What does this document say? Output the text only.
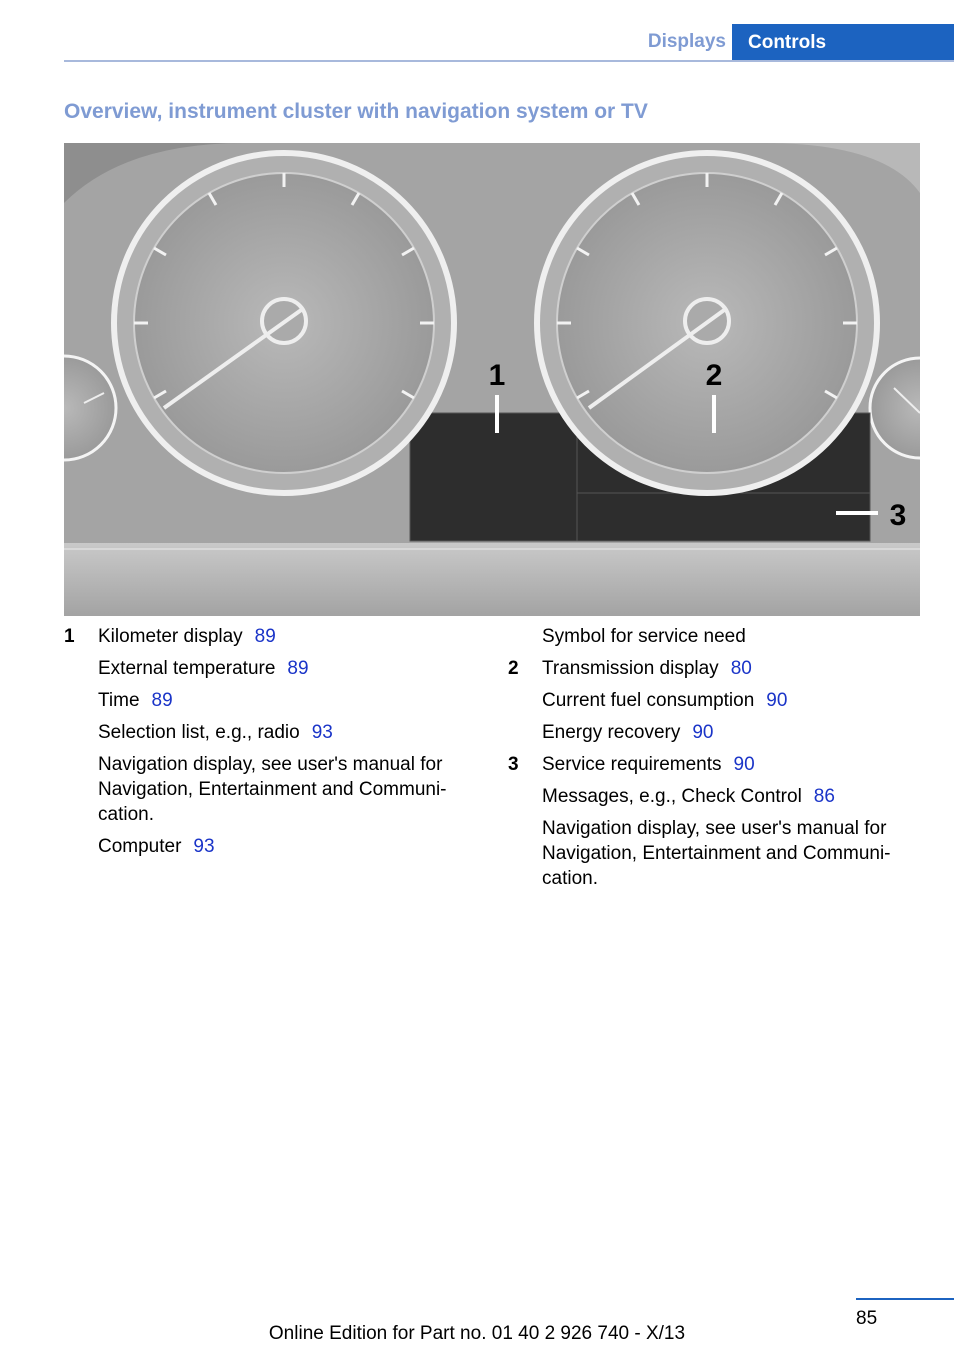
Displays	Controls
Overview, instrument cluster with navigation system or TV
1	2
3
1	Kilometer display 89
External temperature 89
Time 89
Selection list, e.g., radio 93
Navigation display, see user's manual for Navigation, Entertainment and Communi-cation.
Computer 93
Symbol for service need
2	Transmission display 80
Current fuel consumption 90
Energy recovery 90
3	Service requirements 90
Messages, e.g., Check Control 86
Navigation display, see user's manual for Navigation, Entertainment and Communi-cation.
85
Online Edition for Part no. 01 40 2 926 740 - X/13
